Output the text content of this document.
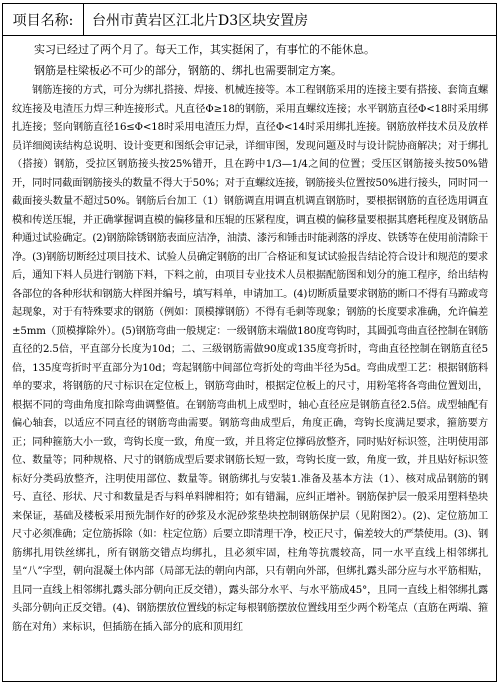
项目名称:	台州市黄岩区江北片D3区块安置房

实习已经过了两个月了。每天工作，其实挺闲了，有事忙的不能休息。

钢筋是柱梁板必不可少的部分，钢筋的、绑扎也需要制定方案。

钢筋连接的方式，可分为绑扎搭接、焊接、机械连接等。本工程钢筋采用的连接主要有搭接、套筒直螺纹连接及电渣压力焊三种连接形式。凡直径Φ≥18的钢筋，采用直螺纹连接；水平钢筋直径Φ<18时采用绑扎连接；竖向钢筋直径16≤Φ<18时采用电渣压力焊，直径Φ<14时采用绑扎连接。钢筋放样技术员及放样员详细阅读结构总说明、设计变更和图纸会审记录，详细审图，发现问题及时与设计院协商解决；对于绑扎（搭接）钢筋，受拉区钢筋接头按25%错开，且在跨中1/3—1/4之间的位置；受压区钢筋接头按50%错开，同时同截面钢筋接头的数量不得大于50%；对于直螺纹连接，钢筋接头位置按50%进行接头，同时同一截面接头数量不超过50%。钢筋后台加工（1）钢筋调直用调直机调直钢筋时，要根据钢筋的直径选用调直模和传送压辊，并正确掌握调直模的偏移量和压辊的压紧程度，调直模的偏移量要根据其磨耗程度及钢筋品种通过试验确定。(2)钢筋除锈钢筋表面应洁净，油渍、漆污和锤击时能剥落的浮皮、铁锈等在使用前清除干净。(3)钢筋切断经过项目技术、试验人员确定钢筋的出厂合格证和复试试验报告结论符合设计和规范的要求后，通知下料人员进行钢筋下料，下料之前，由项目专业技术人员根据配筋图和划分的施工程序，给出结构各部位的各种形状和钢筋大样图并编号，填写料单，申请加工。(4)切断质量要求钢筋的断口不得有马蹄或弯起现象，对于有特殊要求的钢筋（例如：顶模撑钢筋）不得有毛刺等现象；钢筋的长度要求准确，允许偏差±5mm（顶模撑除外）。(5)钢筋弯曲一般规定：一级钢筋末端做180度弯钩时，其圆弧弯曲直径控制在钢筋直径的2.5倍，平直部分长度为10d；二、三级钢筋需做90度或135度弯折时，弯曲直径控制在钢筋直径5倍，135度弯折时平直部分为10d；弯起钢筋中间部位弯折处的弯曲半径为5d。弯曲成型工艺：根据钢筋料单的要求，将钢筋的尺寸标识在定位板上，钢筋弯曲时，根据定位板上的尺寸，用粉笔将各弯曲位置划出，根据不同的弯曲角度扣除弯曲调整值。在钢筋弯曲机上成型时，轴心直径应是钢筋直径2.5倍。成型轴配有偏心轴套，以适应不同直径的钢筋弯曲需要。钢筋弯曲成型后，角度正确，弯钩长度满足要求，箍筋要方正；同种箍筋大小一致，弯钩长度一致，角度一致，并且将定位撑码放整齐，同时贴好标识签，注明使用部位、数量等；同种规格、尺寸的钢筋成型后要求钢筋长短一致，弯钩长度一致，角度一致，并且贴好标识签标好分类码放整齐，注明使用部位、数量等。钢筋绑扎与安装1.准备及基本方法（1）、核对成品钢筋的钢号、直径、形状、尺寸和数量是否与料单料牌相符；如有错漏，应纠正增补。钢筋保护层一般采用塑料垫块来保证，基础及楼板采用预先制作好的砂浆及水泥砂浆垫块控制钢筋保护层（见附图2）。(2)、定位筋加工尺寸必须准确；定位筋拆除（如：柱定位筋）后要立即清理干净，校正尺寸，偏差较大的严禁使用。(3)、钢筋绑扎用铁丝绑扎，所有钢筋交错点均绑扎，且必须牢固，柱角等抗震较高，同一水平直线上相邻绑扎呈“八”字型，朝向混凝土体内部（局部无法的朝向内部，只有朝向外部，但绑扎露头部分应与水平筋相贴，且同一直线上相邻绑扎露头部分朝向正反交错），露头部分水平、与水平筋成45°，且同一直线上相邻绑扎露头部分朝向正反交错。(4)、钢筋摆放位置线的标定每根钢筋摆放位置线用至少两个粉笔点（直筋在两端、箍筋在对角）来标识，但插筋在插入部分的底和顶用红
